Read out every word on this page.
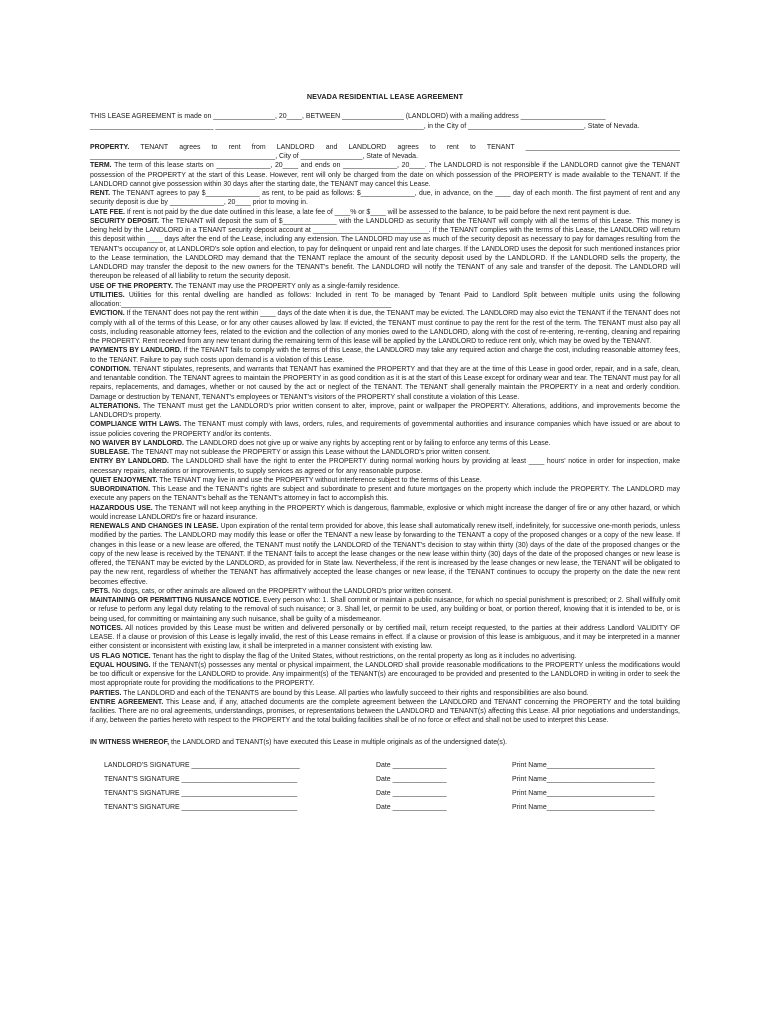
NEVADA RESIDENTIAL LEASE AGREEMENT
THIS LEASE AGREEMENT is made on ________________, 20____, BETWEEN ________________ (LANDLORD) with a mailing address ______________________ ________________________________ ______________________________________________________, in the City of ______________________________, State of Nevada.
PROPERTY. TENANT agrees to rent from LANDLORD and LANDLORD agrees to rent to TENANT ________________________________________ ________________________________________________, City of ________________, State of Nevada.
TERM. The term of this lease starts on ______________, 20____ and ends on ______________, 20____. The LANDLORD is not responsible if the LANDLORD cannot give the TENANT possession of the PROPERTY at the start of this Lease. However, rent will only be charged from the date on which possession of the PROPERTY is made available to the TENANT. If the LANDLORD cannot give possession within 30 days after the starting date, the TENANT may cancel this Lease.
RENT. The TENANT agrees to pay $______________ as rent, to be paid as follows: $______________, due, in advance, on the ____ day of each month. The first payment of rent and any security deposit is due by ______________, 20____ prior to moving in.
LATE FEE. If rent is not paid by the due date outlined in this lease, a late fee of ____% or $____ will be assessed to the balance, to be paid before the next rent payment is due.
SECURITY DEPOSIT. The TENANT will deposit the sum of $______________ with the LANDLORD as security that the TENANT will comply with all the terms of this Lease. This money is being held by the LANDLORD in a TENANT security deposit account at ______________________________. If the TENANT complies with the terms of this Lease, the LANDLORD will return this deposit within ____ days after the end of the Lease, including any extension. The LANDLORD may use as much of the security deposit as necessary to pay for damages resulting from the TENANT's occupancy or, at LANDLORD's sole option and election, to pay for delinquent or unpaid rent and late charges. If the LANDLORD uses the deposit for such mentioned instances prior to the Lease termination, the LANDLORD may demand that the TENANT replace the amount of the security deposit used by the LANDLORD. If the LANDLORD sells the property, the LANDLORD may transfer the deposit to the new owners for the TENANT's benefit. The LANDLORD will notify the TENANT of any sale and transfer of the deposit. The LANDLORD will thereupon be released of all liability to return the security deposit.
USE OF THE PROPERTY. The TENANT may use the PROPERTY only as a single-family residence.
UTILITIES. Utilities for this rental dwelling are handled as follows: Included in rent To be managed by Tenant Paid to Landlord Split between multiple units using the following allocation:______________________________________________________________________
EVICTION. If the TENANT does not pay the rent within ____ days of the date when it is due, the TENANT may be evicted. The LANDLORD may also evict the TENANT if the TENANT does not comply with all of the terms of this Lease, or for any other causes allowed by law. If evicted, the TENANT must continue to pay the rent for the rest of the term. The TENANT must also pay all costs, including reasonable attorney fees, related to the eviction and the collection of any monies owed to the LANDLORD, along with the cost of re-entering, re-renting, cleaning and repairing the PROPERTY. Rent received from any new tenant during the remaining term of this lease will be applied by the LANDLORD to reduce rent only, which may be owed by the TENANT.
PAYMENTS BY LANDLORD. If the TENANT fails to comply with the terms of this Lease, the LANDLORD may take any required action and charge the cost, including reasonable attorney fees, to the TENANT. Failure to pay such costs upon demand is a violation of this Lease.
CONDITION. TENANT stipulates, represents, and warrants that TENANT has examined the PROPERTY and that they are at the time of this Lease in good order, repair, and in a safe, clean, and tenantable condition. The TENANT agrees to maintain the PROPERTY in as good condition as it is at the start of this Lease except for ordinary wear and tear. The TENANT must pay for all repairs, replacements, and damages, whether or not caused by the act or neglect of the TENANT. The TENANT shall generally maintain the PROPERTY in a neat and orderly condition. Damage or destruction by TENANT, TENANT's employees or TENANT's visitors of the PROPERTY shall constitute a violation of this Lease.
ALTERATIONS. The TENANT must get the LANDLORD's prior written consent to alter, improve, paint or wallpaper the PROPERTY. Alterations, additions, and improvements become the LANDLORD's property.
COMPLIANCE WITH LAWS. The TENANT must comply with laws, orders, rules, and requirements of governmental authorities and insurance companies which have issued or are about to issue policies covering the PROPERTY and/or its contents.
NO WAIVER BY LANDLORD. The LANDLORD does not give up or waive any rights by accepting rent or by failing to enforce any terms of this Lease.
SUBLEASE. The TENANT may not sublease the PROPERTY or assign this Lease without the LANDLORD's prior written consent.
ENTRY BY LANDLORD. The LANDLORD shall have the right to enter the PROPERTY during normal working hours by providing at least ____ hours' notice in order for inspection, make necessary repairs, alterations or improvements, to supply services as agreed or for any reasonable purpose.
QUIET ENJOYMENT. The TENANT may live in and use the PROPERTY without interference subject to the terms of this Lease.
SUBORDINATION. This Lease and the TENANT's rights are subject and subordinate to present and future mortgages on the property which include the PROPERTY. The LANDLORD may execute any papers on the TENANT's behalf as the TENANT's attorney in fact to accomplish this.
HAZARDOUS USE. The TENANT will not keep anything in the PROPERTY which is dangerous, flammable, explosive or which might increase the danger of fire or any other hazard, or which would increase LANDLORD's fire or hazard insurance.
RENEWALS AND CHANGES IN LEASE. Upon expiration of the rental term provided for above, this lease shall automatically renew itself, indefinitely, for successive one-month periods, unless modified by the parties. The LANDLORD may modify this lease or offer the TENANT a new lease by forwarding to the TENANT a copy of the proposed changes or a copy of the new lease. If changes in this lease or a new lease are offered, the TENANT must notify the LANDLORD of the TENANT's decision to stay within thirty (30) days of the date of the proposed changes or the copy of the new lease is received by the TENANT. If the TENANT fails to accept the lease changes or the new lease within thirty (30) days of the date of the proposed changes or new lease is offered, the TENANT may be evicted by the LANDLORD, as provided for in State law. Nevertheless, if the rent is increased by the lease changes or new lease, the TENANT will be obligated to pay the new rent, regardless of whether the TENANT has affirmatively accepted the lease changes or new lease, if the TENANT continues to occupy the property on the date the new rent becomes effective.
PETS. No dogs, cats, or other animals are allowed on the PROPERTY without the LANDLORD's prior written consent.
MAINTAINING OR PERMITTING NUISANCE NOTICE. Every person who: 1. Shall commit or maintain a public nuisance, for which no special punishment is prescribed; or 2. Shall willfully omit or refuse to perform any legal duty relating to the removal of such nuisance; or 3. Shall let, or permit to be used, any building or boat, or portion thereof, knowing that it is intended to be, or is being used, for committing or maintaining any such nuisance, shall be guilty of a misdemeanor.
NOTICES. All notices provided by this Lease must be written and delivered personally or by certified mail, return receipt requested, to the parties at their address Landlord VALIDITY OF LEASE. If a clause or provision of this Lease is legally invalid, the rest of this Lease remains in effect. If a clause or provision of this lease is ambiguous, and it may be interpreted in a manner either consistent or inconsistent with existing law, it shall be interpreted in a manner consistent with existing law.
US FLAG NOTICE. Tenant has the right to display the flag of the United States, without restrictions, on the rental property as long as it includes no advertising.
EQUAL HOUSING. If the TENANT(s) possesses any mental or physical impairment, the LANDLORD shall provide reasonable modifications to the PROPERTY unless the modifications would be too difficult or expensive for the LANDLORD to provide. Any impairment(s) of the TENANT(s) are encouraged to be provided and presented to the LANDLORD in writing in order to seek the most appropriate route for providing the modifications to the PROPERTY.
PARTIES. The LANDLORD and each of the TENANTS are bound by this Lease. All parties who lawfully succeed to their rights and responsibilities are also bound.
ENTIRE AGREEMENT. This Lease and, if any, attached documents are the complete agreement between the LANDLORD and TENANT concerning the PROPERTY and the total building facilities. There are no oral agreements, understandings, promises, or representations between the LANDLORD and TENANT(s) affecting this Lease. All prior negotiations and understandings, if any, between the parties hereto with respect to the PROPERTY and the total building facilities shall be of no force or effect and shall not be used to interpret this Lease.
IN WITNESS WHEREOF, the LANDLORD and TENANT(s) have executed this Lease in multiple originals as of the undersigned date(s).
LANDLORD'S SIGNATURE ____________________________	Date ______________	Print Name____________________________
TENANT'S SIGNATURE ______________________________	Date ______________	Print Name____________________________
TENANT'S SIGNATURE ______________________________	Date ______________	Print Name____________________________
TENANT'S SIGNATURE ______________________________	Date ______________	Print Name____________________________
